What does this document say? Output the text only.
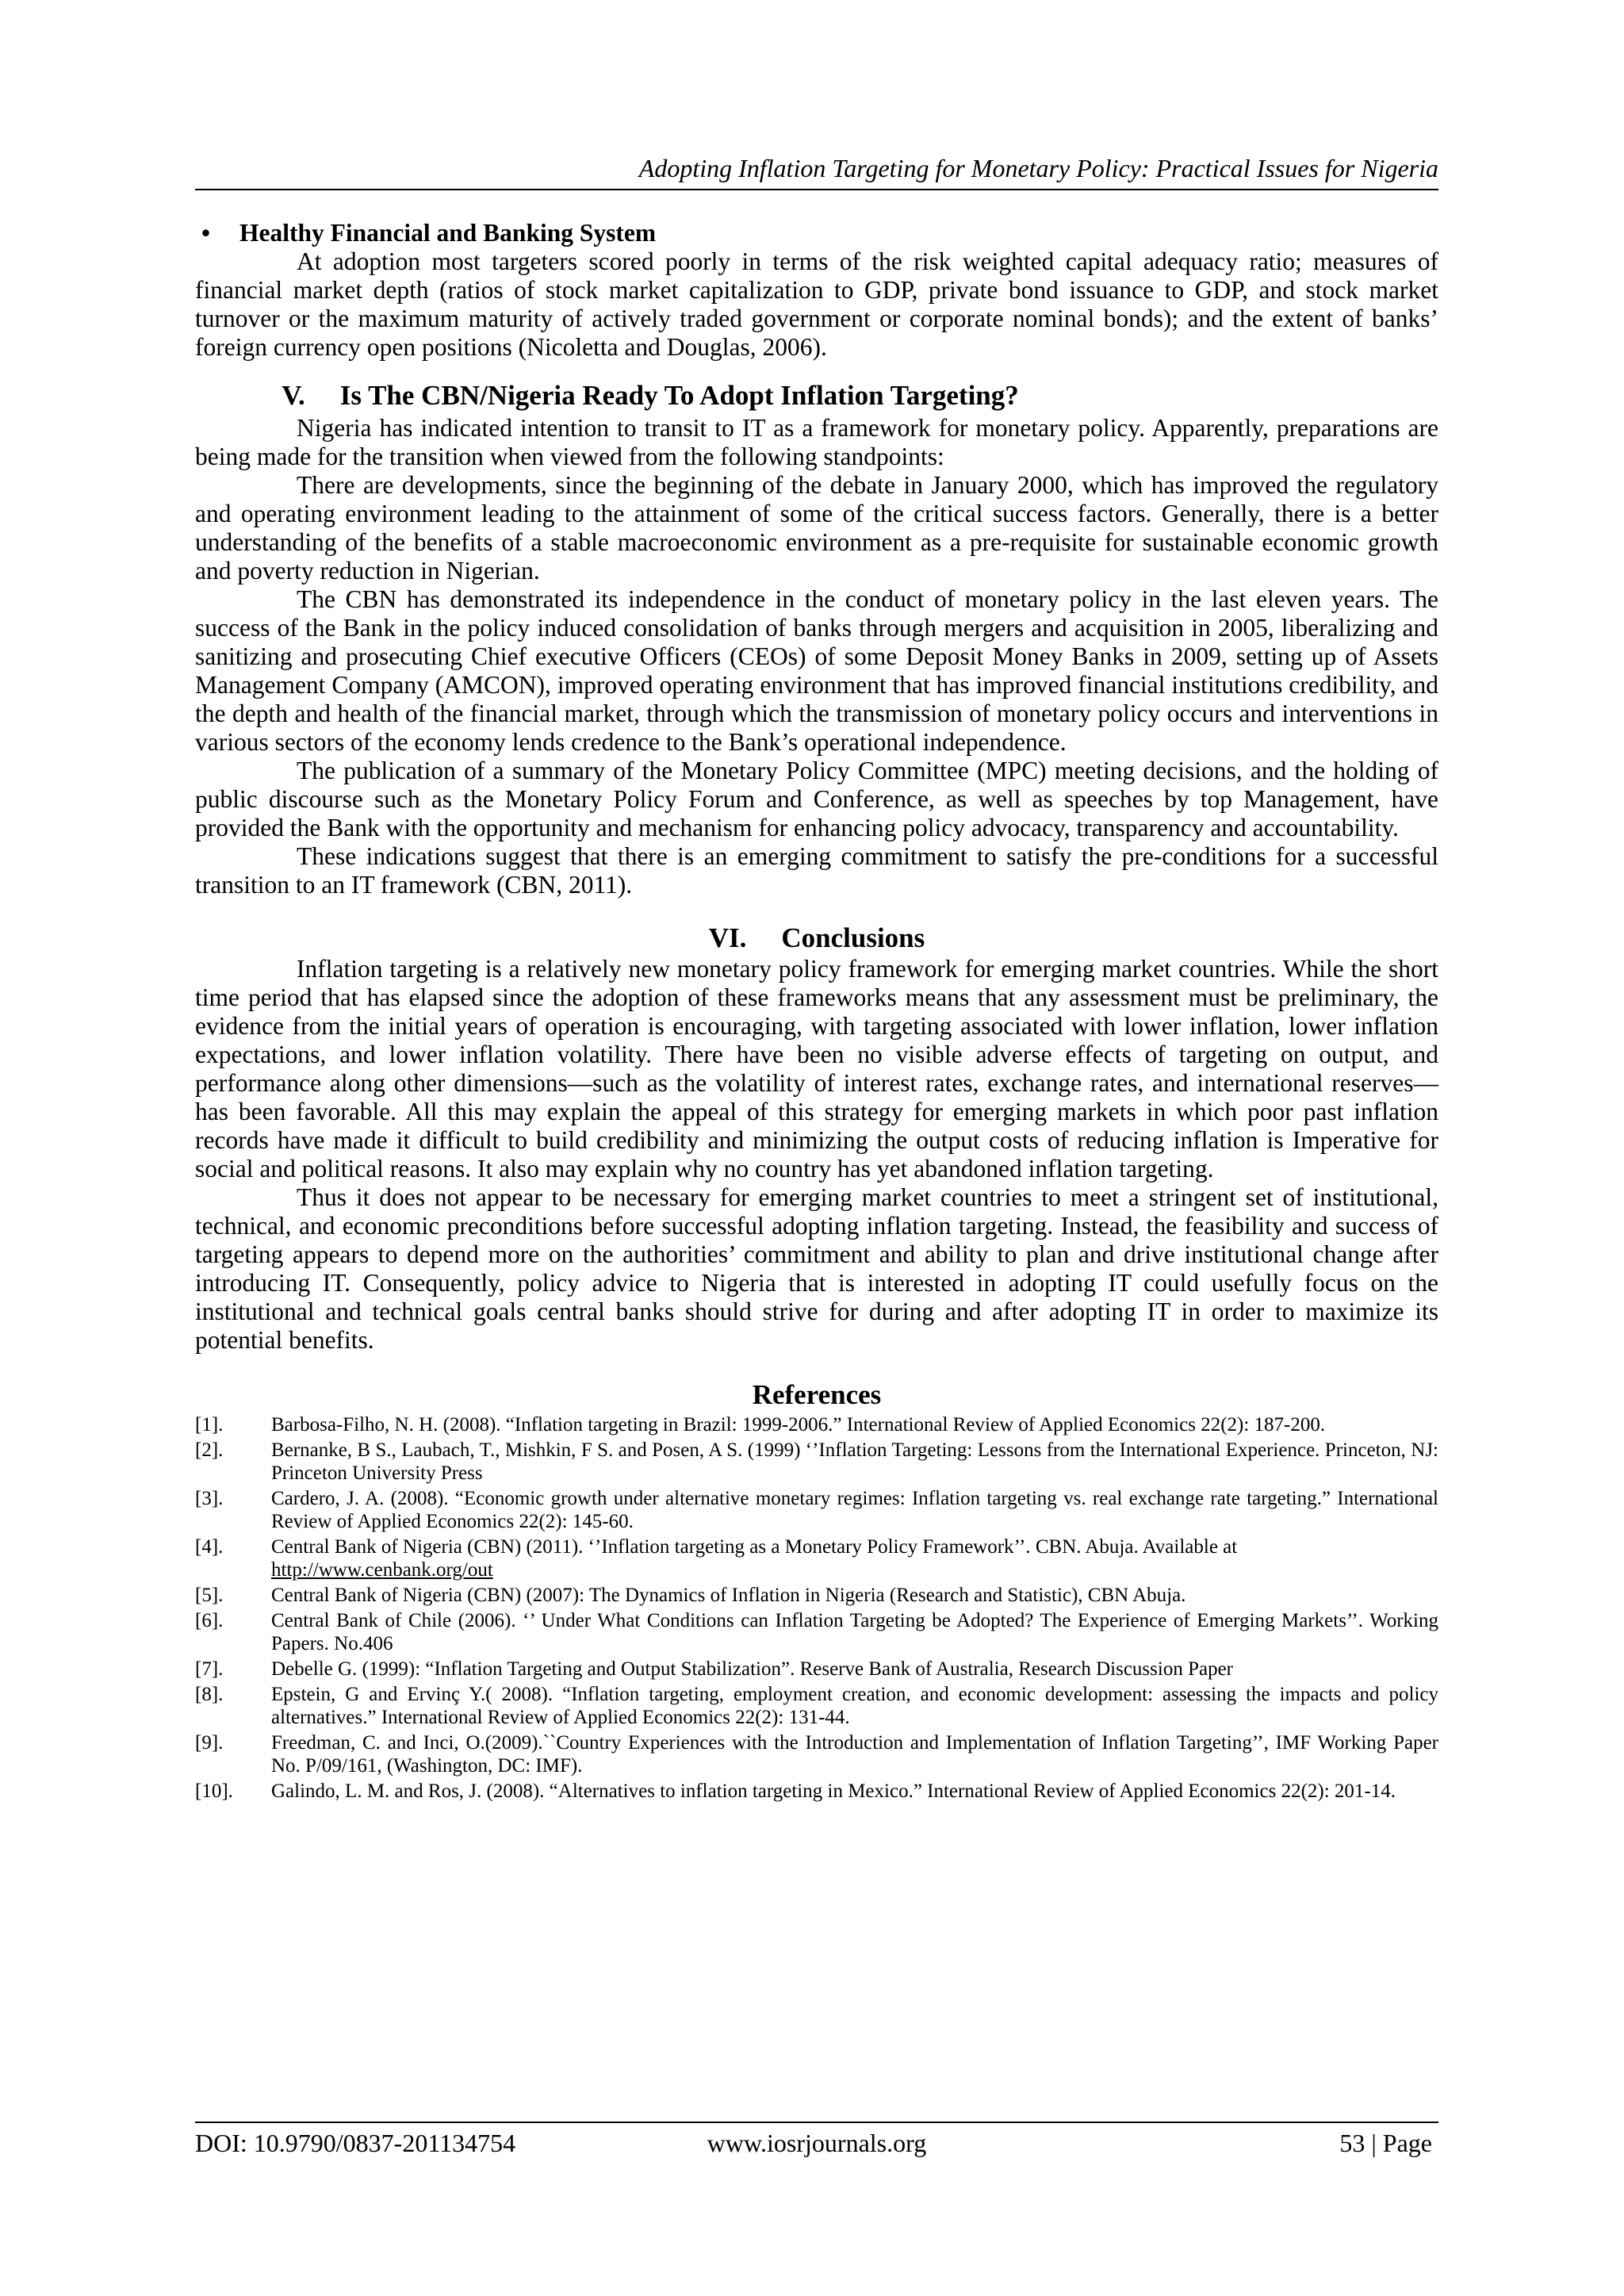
Adopting Inflation Targeting for Monetary Policy: Practical Issues for Nigeria

• Healthy Financial and Banking System

At adoption most targeters scored poorly in terms of the risk weighted capital adequacy ratio; measures of financial market depth (ratios of stock market capitalization to GDP, private bond issuance to GDP, and stock market turnover or the maximum maturity of actively traded government or corporate nominal bonds); and the extent of banks’ foreign currency open positions (Nicoletta and Douglas, 2006).

V. Is The CBN/Nigeria Ready To Adopt Inflation Targeting?

Nigeria has indicated intention to transit to IT as a framework for monetary policy. Apparently, preparations are being made for the transition when viewed from the following standpoints:

There are developments, since the beginning of the debate in January 2000, which has improved the regulatory and operating environment leading to the attainment of some of the critical success factors. Generally, there is a better understanding of the benefits of a stable macroeconomic environment as a pre-requisite for sustainable economic growth and poverty reduction in Nigerian.

The CBN has demonstrated its independence in the conduct of monetary policy in the last eleven years. The success of the Bank in the policy induced consolidation of banks through mergers and acquisition in 2005, liberalizing and sanitizing and prosecuting Chief executive Officers (CEOs) of some Deposit Money Banks in 2009, setting up of Assets Management Company (AMCON), improved operating environment that has improved financial institutions credibility, and the depth and health of the financial market, through which the transmission of monetary policy occurs and interventions in various sectors of the economy lends credence to the Bank’s operational independence.

The publication of a summary of the Monetary Policy Committee (MPC) meeting decisions, and the holding of public discourse such as the Monetary Policy Forum and Conference, as well as speeches by top Management, have provided the Bank with the opportunity and mechanism for enhancing policy advocacy, transparency and accountability.

These indications suggest that there is an emerging commitment to satisfy the pre-conditions for a successful transition to an IT framework (CBN, 2011).

VI. Conclusions

Inflation targeting is a relatively new monetary policy framework for emerging market countries. While the short time period that has elapsed since the adoption of these frameworks means that any assessment must be preliminary, the evidence from the initial years of operation is encouraging, with targeting associated with lower inflation, lower inflation expectations, and lower inflation volatility. There have been no visible adverse effects of targeting on output, and performance along other dimensions—such as the volatility of interest rates, exchange rates, and international reserves—has been favorable. All this may explain the appeal of this strategy for emerging markets in which poor past inflation records have made it difficult to build credibility and minimizing the output costs of reducing inflation is Imperative for social and political reasons. It also may explain why no country has yet abandoned inflation targeting.

Thus it does not appear to be necessary for emerging market countries to meet a stringent set of institutional, technical, and economic preconditions before successful adopting inflation targeting. Instead, the feasibility and success of targeting appears to depend more on the authorities’ commitment and ability to plan and drive institutional change after introducing IT. Consequently, policy advice to Nigeria that is interested in adopting IT could usefully focus on the institutional and technical goals central banks should strive for during and after adopting IT in order to maximize its potential benefits.

References
[1].	Barbosa-Filho, N. H. (2008). “Inflation targeting in Brazil: 1999-2006.” International Review of Applied Economics 22(2): 187-200.
[2].	Bernanke, B S., Laubach, T., Mishkin, F S. and Posen, A S. (1999) ‘’Inflation Targeting: Lessons from the International Experience. Princeton, NJ: Princeton University Press
[3].	Cardero, J. A. (2008). “Economic growth under alternative monetary regimes: Inflation targeting vs. real exchange rate targeting.” International Review of Applied Economics 22(2): 145-60.
[4].	Central Bank of Nigeria (CBN) (2011). ‘’Inflation targeting as a Monetary Policy Framework’’. CBN. Abuja. Available at
http://www.cenbank.org/out
[5].	Central Bank of Nigeria (CBN) (2007): The Dynamics of Inflation in Nigeria (Research and Statistic), CBN Abuja.
[6].	Central Bank of Chile (2006). ‘’ Under What Conditions can Inflation Targeting be Adopted? The Experience of Emerging Markets’’. Working Papers. No.406
[7].	Debelle G. (1999): “Inflation Targeting and Output Stabilization”. Reserve Bank of Australia, Research Discussion Paper
[8].	Epstein, G and Ervinç Y.( 2008). “Inflation targeting, employment creation, and economic development: assessing the impacts and policy alternatives.” International Review of Applied Economics 22(2): 131-44.
[9].	Freedman, C. and Inci, O.(2009).``Country Experiences with the Introduction and Implementation of Inflation Targeting’’, IMF Working Paper No. P/09/161, (Washington, DC: IMF).
[10].	Galindo, L. M. and Ros, J. (2008). “Alternatives to inflation targeting in Mexico.” International Review of Applied Economics 22(2): 201-14.
DOI: 10.9790/0837-201134754	www.iosrjournals.org	53 | Page
